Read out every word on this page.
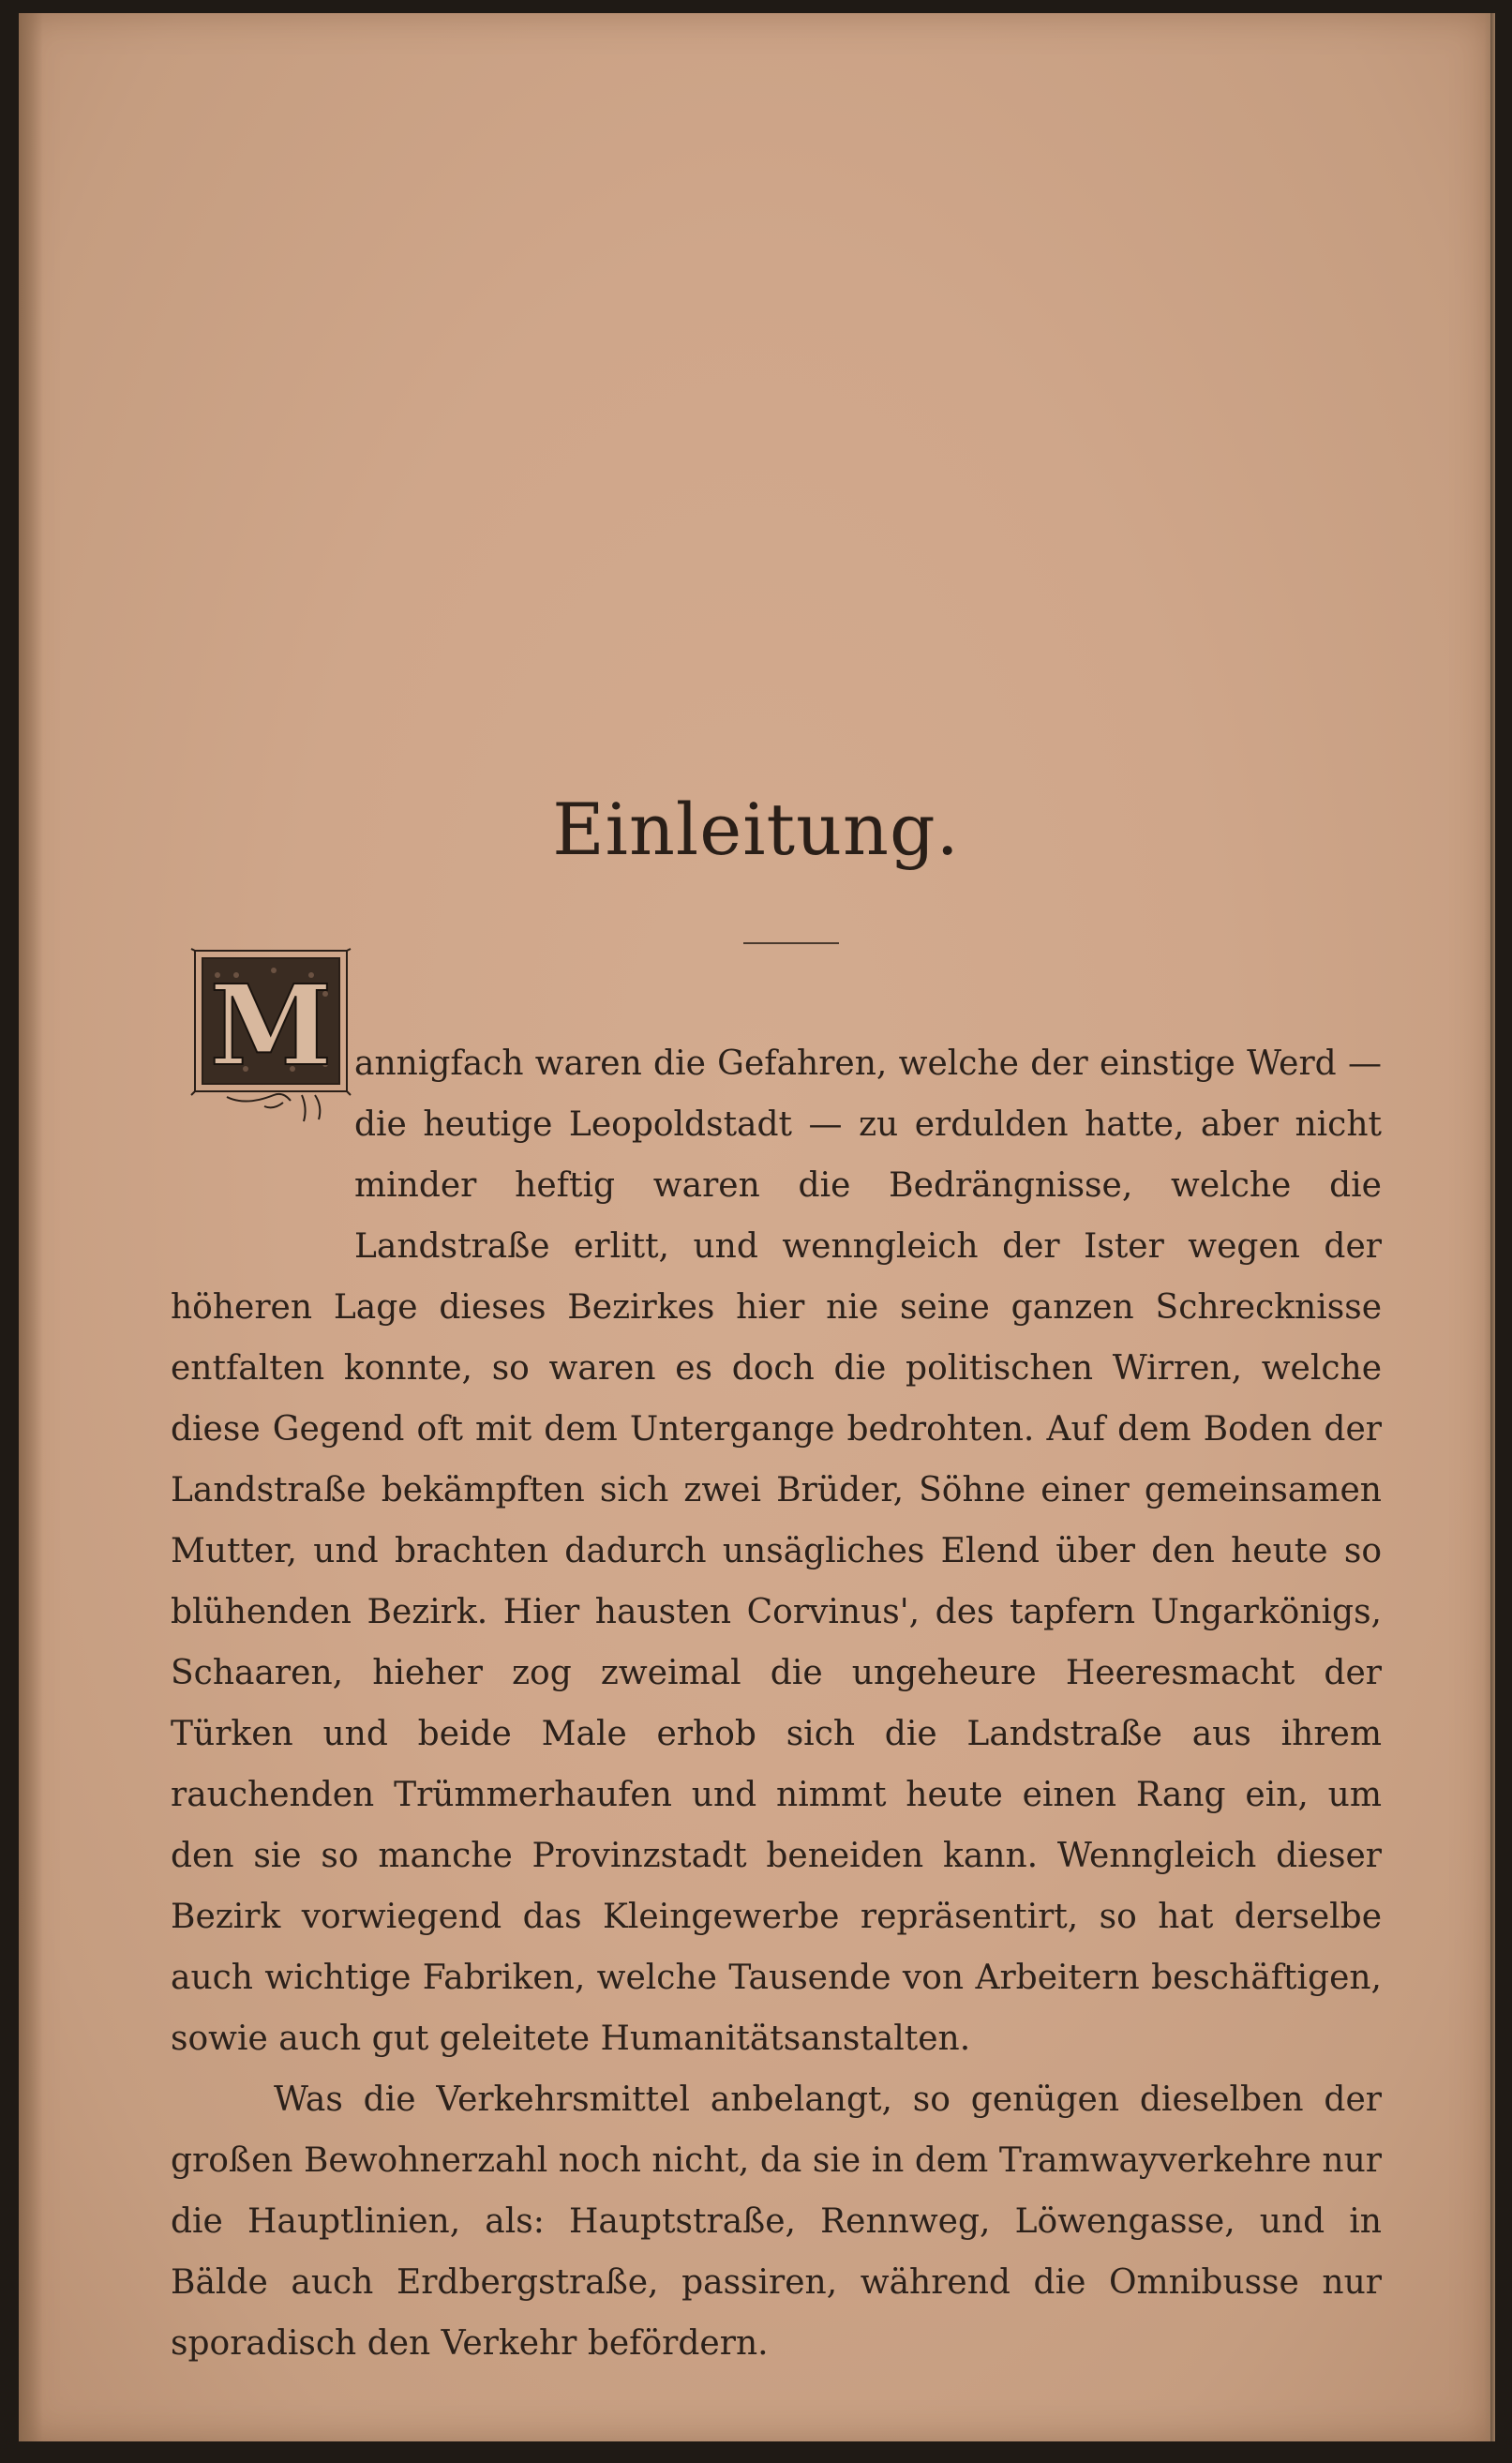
Einleitung.
M annigfach waren die Gefahren, welche der einstige Werd — die heutige Leopoldstadt — zu erdulden hatte, aber nicht minder heftig waren die Bedrängnisse, welche die Landstraße erlitt, und wenngleich der Ister wegen der höheren Lage dieses Bezirkes hier nie seine ganzen Schrecknisse entfalten konnte, so waren es doch die politischen Wirren, welche diese Gegend oft mit dem Untergange bedrohten. Auf dem Boden der Landstraße bekämpften sich zwei Brüder, Söhne einer gemeinsamen Mutter, und brachten dadurch unsägliches Elend über den heute so blühenden Bezirk. Hier hausten Corvinus', des tapfern Ungarkönigs, Schaaren, hieher zog zweimal die ungeheure Heeresmacht der Türken und beide Male erhob sich die Landstraße aus ihrem rauchenden Trümmerhaufen und nimmt heute einen Rang ein, um den sie so manche Provinzstadt beneiden kann. Wenngleich dieser Bezirk vorwiegend das Kleingewerbe repräsentirt, so hat derselbe auch wichtige Fabriken, welche Tausende von Arbeitern beschäftigen, sowie auch gut geleitete Humanitätsanstalten.

Was die Verkehrsmittel anbelangt, so genügen dieselben der großen Bewohnerzahl noch nicht, da sie in dem Tramwayverkehre nur die Hauptlinien, als: Hauptstraße, Rennweg, Löwengasse, und in Bälde auch Erdbergstraße, passiren, während die Omnibusse nur sporadisch den Verkehr befördern.
